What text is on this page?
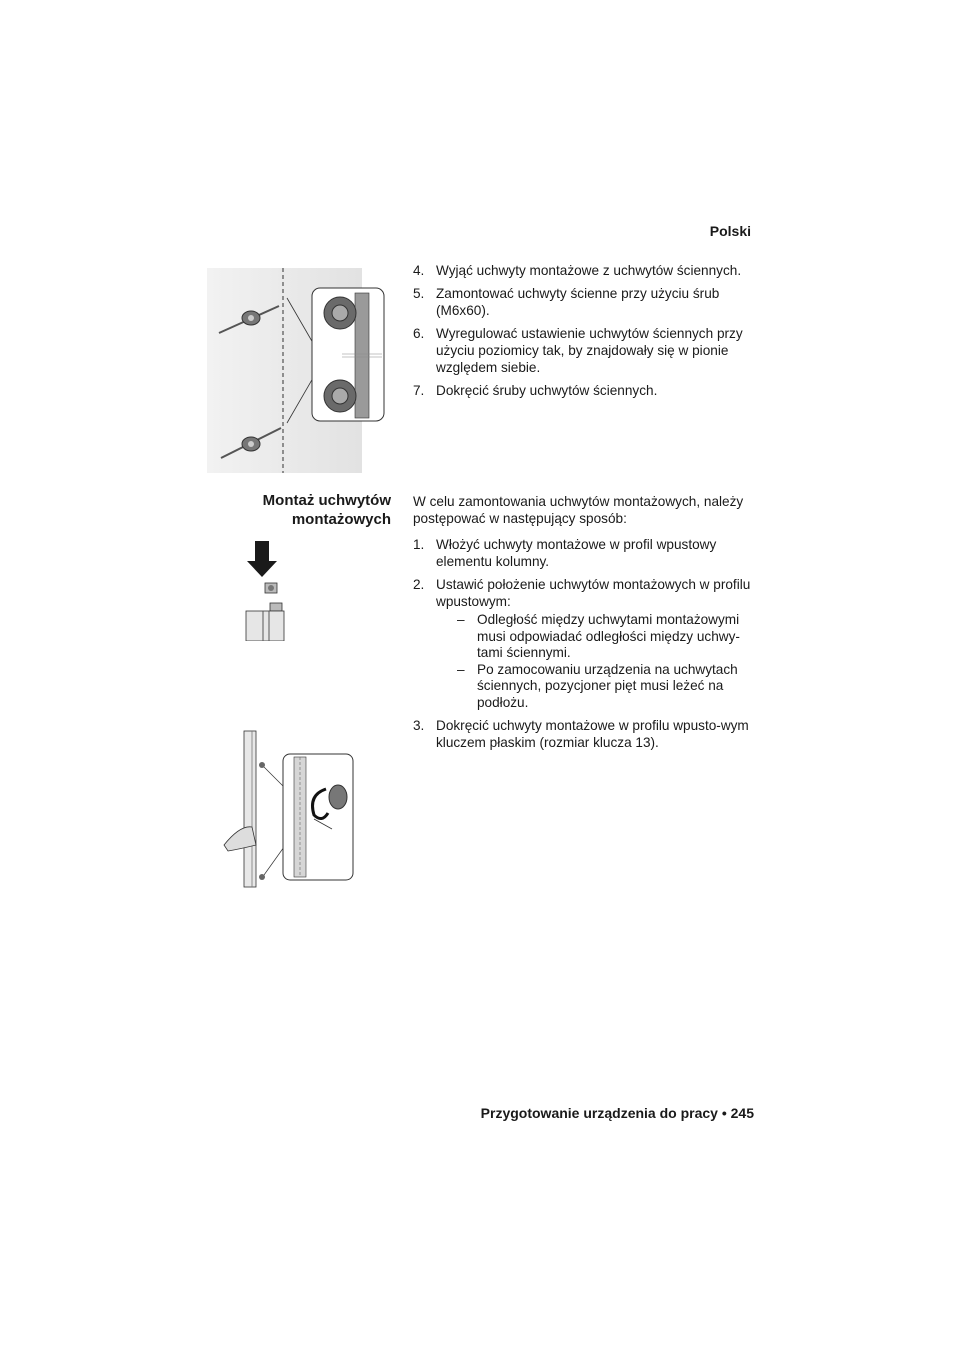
Polski
4. Wyjąć uchwyty montażowe z uchwytów ściennych.
5. Zamontować uchwyty ścienne przy użyciu śrub (M6x60).
6. Wyregulować ustawienie uchwytów ściennych przy użyciu poziomicy tak, by znajdowały się w pionie względem siebie.
7. Dokręcić śruby uchwytów ściennych.
Montaż uchwytów
montażowych

W celu zamontowania uchwytów montażowych, należy postępować w następujący sposób:

1. Włożyć uchwyty montażowe w profil wpustowy elementu kolumny.
2. Ustawić położenie uchwytów montażowych w profilu wpustowym:
– Odległość między uchwytami montażowymi musi odpowiadać odległości między uchwy-tami ściennymi.
– Po zamocowaniu urządzenia na uchwytach ściennych, pozycjoner pięt musi leżeć na podłożu.
3. Dokręcić uchwyty montażowe w profilu wpusto-wym kluczem płaskim (rozmiar klucza 13).
Przygotowanie urządzenia do pracy • 245
